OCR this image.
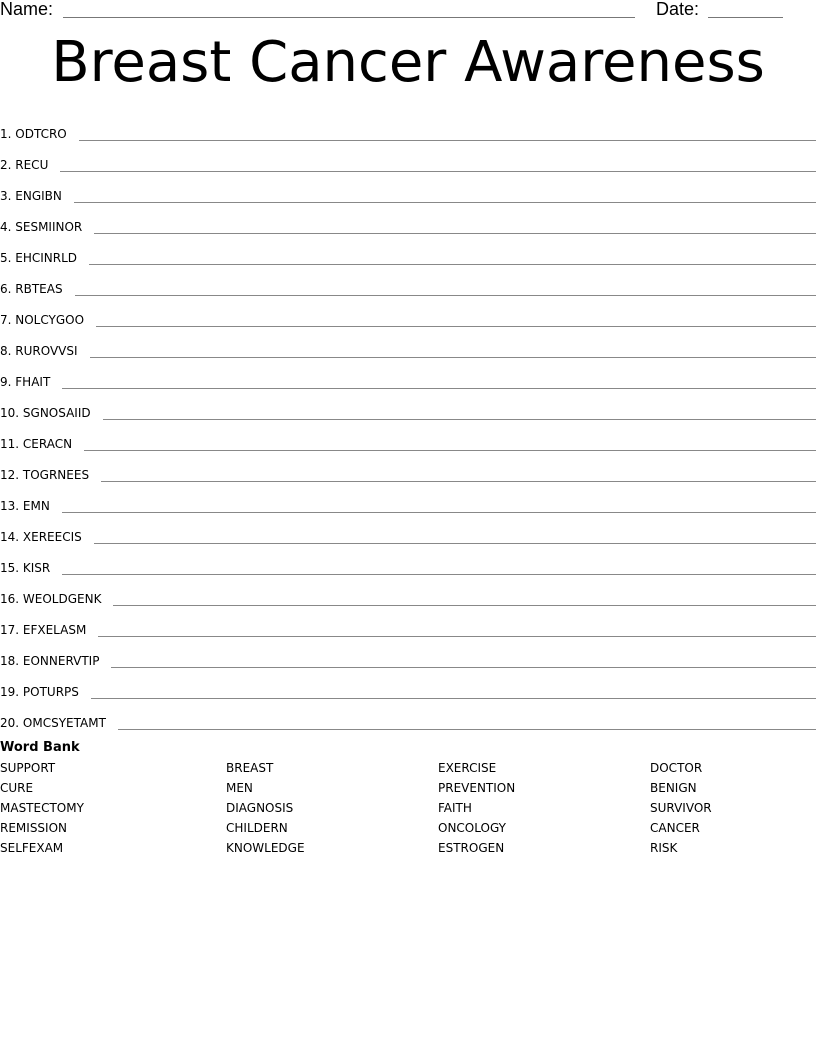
Name:	Date:
Breast Cancer Awareness
1. ODTCRO
2. RECU
3. ENGIBN
4. SESMIINOR
5. EHCINRLD
6. RBTEAS
7. NOLCYGOO
8. RUROVVSI
9. FHAIT
10. SGNOSAIID
11. CERACN
12. TOGRNEES
13. EMN
14. XEREECIS
15. KISR
16. WEOLDGENK
17. EFXELASM
18. EONNERVTIP
19. POTURPS
20. OMCSYETAMT
Word Bank
SUPPORT	BREAST	EXERCISE	DOCTOR
CURE	MEN	PREVENTION	BENIGN
MASTECTOMY	DIAGNOSIS	FAITH	SURVIVOR
REMISSION	CHILDERN	ONCOLOGY	CANCER
SELFEXAM	KNOWLEDGE	ESTROGEN	RISK
